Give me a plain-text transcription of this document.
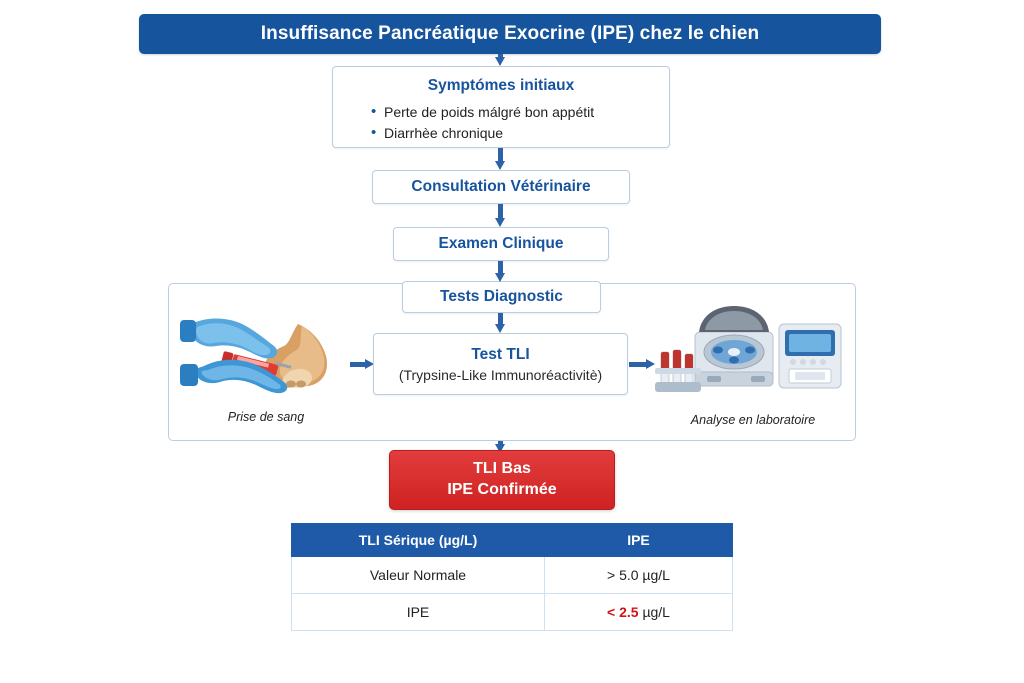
Insuffisance Pancréatique Exocrine (IPE) chez le chien
Symptómes initiaux
• Perte de poids málgré bon appétit
• Diarrhèe chronique
Consultation Vétérinaire
Examen Clinique
Tests Diagnostic
Test TLI
(Trypsine-Like Immunoréactivitè)
Prise de sang	Analyse en laboratoire
TLI Bas
IPE Confirmée
TLI Sérique (µg/L)	IPE
Valeur Normale	> 5.0 µg/L
IPE	< 2.5 µg/L
